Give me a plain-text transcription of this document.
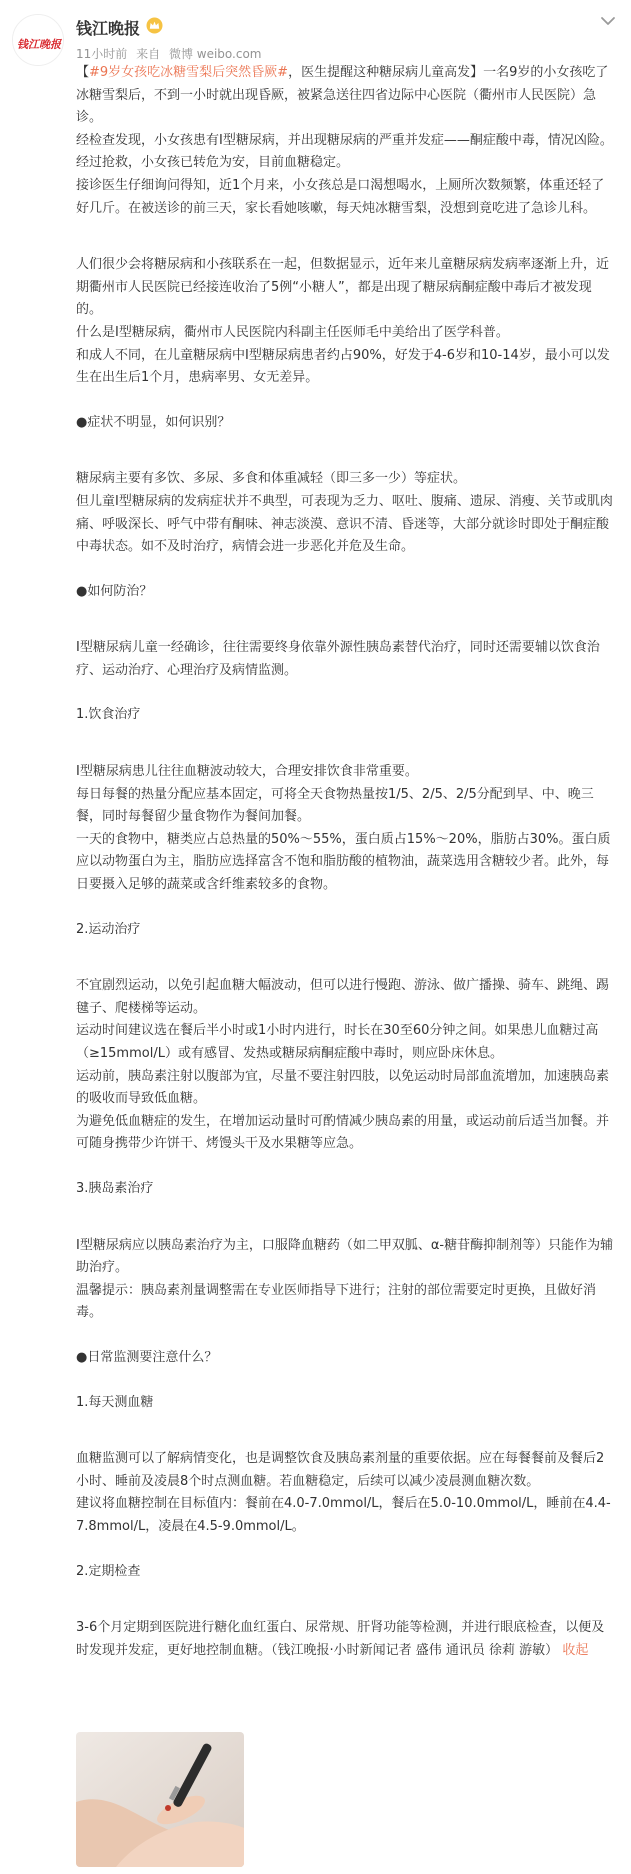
钱江晚报
钱江晚报
11小时前 来自 微博 weibo.com

【#9岁女孩吃冰糖雪梨后突然昏厥#，医生提醒这种糖尿病儿童高发】一名9岁的小女孩吃了冰糖雪梨后，不到一小时就出现昏厥，被紧急送往四省边际中心医院（衢州市人民医院）急诊。

经检查发现，小女孩患有Ⅰ型糖尿病，并出现糖尿病的严重并发症——酮症酸中毒，情况凶险。经过抢救，小女孩已转危为安，目前血糖稳定。

接诊医生仔细询问得知，近1个月来，小女孩总是口渴想喝水，上厕所次数频繁，体重还轻了好几斤。在被送诊的前三天，家长看她咳嗽，每天炖冰糖雪梨，没想到竟吃进了急诊儿科。

人们很少会将糖尿病和小孩联系在一起，但数据显示，近年来儿童糖尿病发病率逐渐上升，近期衢州市人民医院已经接连收治了5例“小糖人”，都是出现了糖尿病酮症酸中毒后才被发现的。

什么是Ⅰ型糖尿病，衢州市人民医院内科副主任医师毛中美给出了医学科普。

和成人不同，在儿童糖尿病中Ⅰ型糖尿病患者约占90%，好发于4-6岁和10-14岁，最小可以发生在出生后1个月，患病率男、女无差异。

●症状不明显，如何识别？

糖尿病主要有多饮、多尿、多食和体重减轻（即三多一少）等症状。

但儿童Ⅰ型糖尿病的发病症状并不典型，可表现为乏力、呕吐、腹痛、遗尿、消瘦、关节或肌肉痛、呼吸深长、呼气中带有酮味、神志淡漠、意识不清、昏迷等，大部分就诊时即处于酮症酸中毒状态。如不及时治疗，病情会进一步恶化并危及生命。

●如何防治？

Ⅰ型糖尿病儿童一经确诊，往往需要终身依靠外源性胰岛素替代治疗，同时还需要辅以饮食治疗、运动治疗、心理治疗及病情监测。

1.饮食治疗

Ⅰ型糖尿病患儿往往血糖波动较大，合理安排饮食非常重要。

每日每餐的热量分配应基本固定，可将全天食物热量按1/5、2/5、2/5分配到早、中、晚三餐，同时每餐留少量食物作为餐间加餐。

一天的食物中，糖类应占总热量的50%～55%，蛋白质占15%～20%，脂肪占30%。蛋白质应以动物蛋白为主，脂肪应选择富含不饱和脂肪酸的植物油，蔬菜选用含糖较少者。此外，每日要摄入足够的蔬菜或含纤维素较多的食物。

2.运动治疗

不宜剧烈运动，以免引起血糖大幅波动，但可以进行慢跑、游泳、做广播操、骑车、跳绳、踢毽子、爬楼梯等运动。

运动时间建议选在餐后半小时或1小时内进行，时长在30至60分钟之间。如果患儿血糖过高（≥15mmol/L）或有感冒、发热或糖尿病酮症酸中毒时，则应卧床休息。

运动前，胰岛素注射以腹部为宜，尽量不要注射四肢，以免运动时局部血流增加，加速胰岛素的吸收而导致低血糖。

为避免低血糖症的发生，在增加运动量时可酌情减少胰岛素的用量，或运动前后适当加餐。并可随身携带少许饼干、烤馒头干及水果糖等应急。

3.胰岛素治疗

Ⅰ型糖尿病应以胰岛素治疗为主，口服降血糖药（如二甲双胍、α-糖苷酶抑制剂等）只能作为辅助治疗。

温馨提示：胰岛素剂量调整需在专业医师指导下进行；注射的部位需要定时更换，且做好消毒。

●日常监测要注意什么？

1.每天测血糖

血糖监测可以了解病情变化，也是调整饮食及胰岛素剂量的重要依据。应在每餐餐前及餐后2小时、睡前及凌晨8个时点测血糖。若血糖稳定，后续可以减少凌晨测血糖次数。

建议将血糖控制在目标值内：餐前在4.0-7.0mmol/L，餐后在5.0-10.0mmol/L，睡前在4.4-7.8mmol/L，凌晨在4.5-9.0mmol/L。

2.定期检查

3-6个月定期到医院进行糖化血红蛋白、尿常规、肝肾功能等检测，并进行眼底检查，以便及时发现并发症，更好地控制血糖。（钱江晚报·小时新闻记者 盛伟 通讯员 徐莉 游敏） 收起
